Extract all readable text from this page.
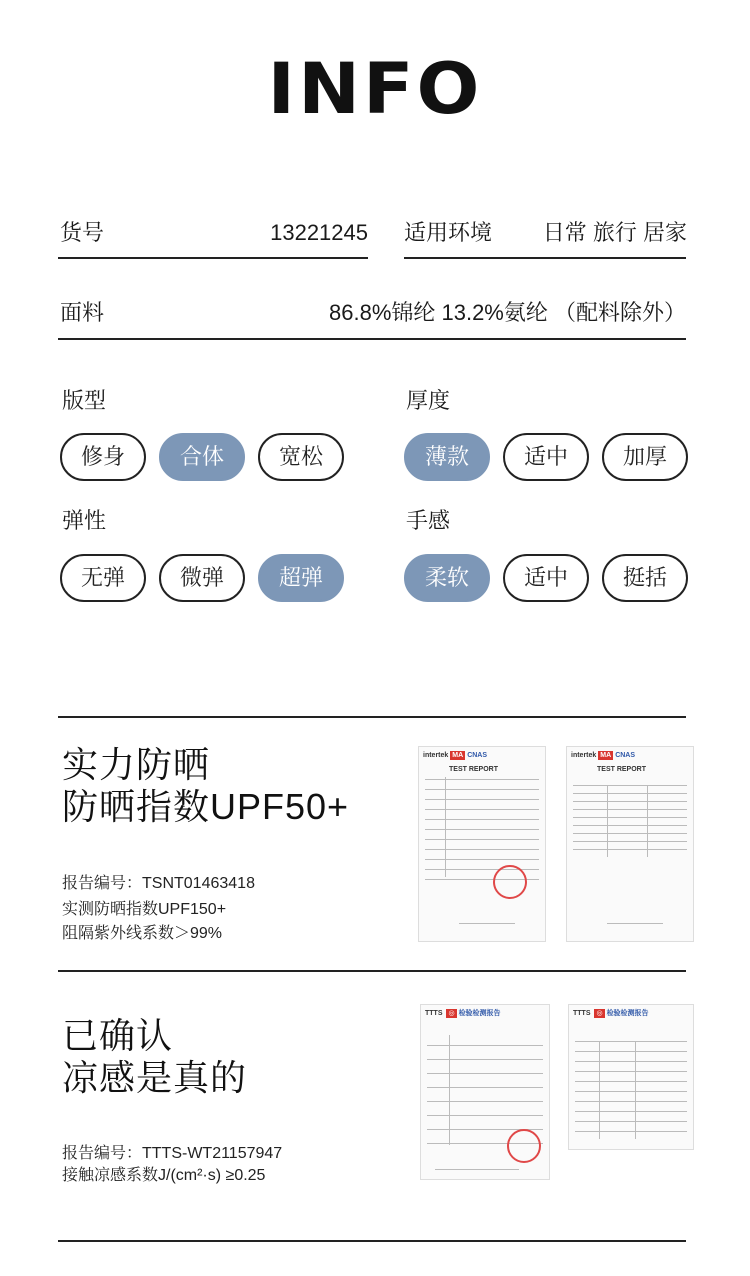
INFO
货号	13221245 适用环境	日常 旅行 居家
面料	86.8%锦纶 13.2%氨纶 （配料除外）
版型
修身	合体	宽松
厚度
薄款	适中	加厚
弹性
无弹	微弹	超弹
手感
柔软	适中	挺括
实力防晒
防晒指数UPF50+
报告编号：TSNT01463418
实测防晒指数UPF150+
阻隔紫外线系数＞99%
intertek MA CNAS
TEST REPORT
intertek MA CNAS
TEST REPORT
已确认
凉感是真的
报告编号：TTTS-WT21157947
接触凉感系数J/(cm²·s) ≥0.25
TTTS ◎ 检验检测报告	TTTS ◎ 检验检测报告
